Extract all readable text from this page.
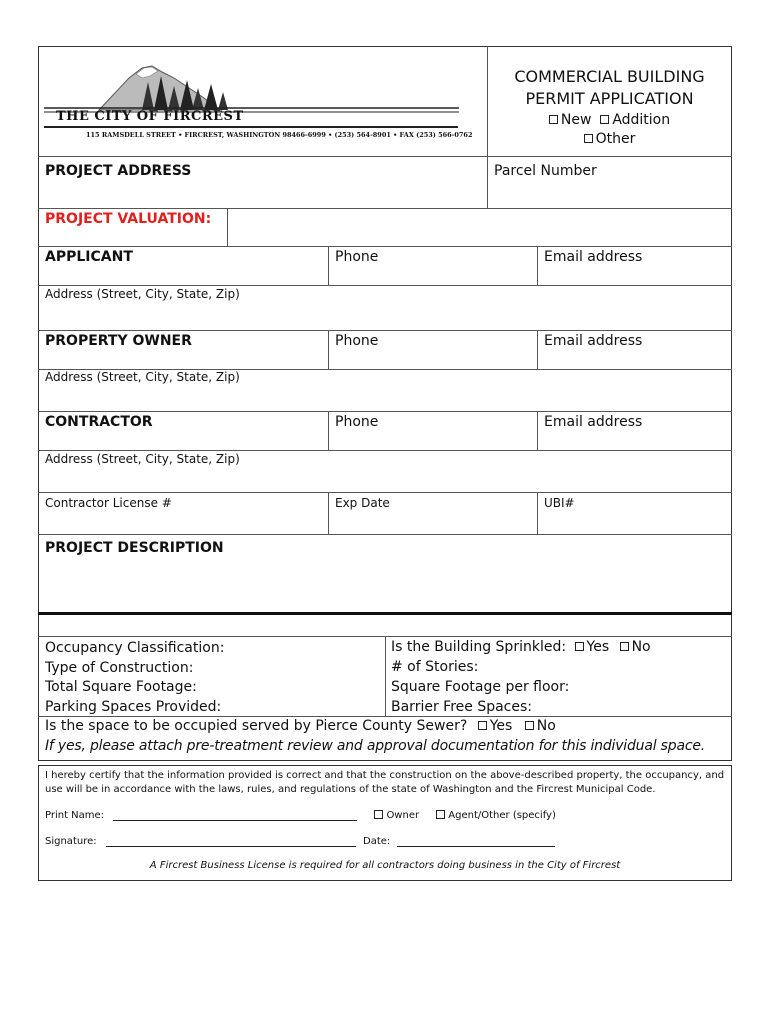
THE CITY OF FIRCREST
115 RAMSDELL STREET • FIRCREST, WASHINGTON 98466-6999 • (253) 564-8901 • FAX (253) 566-0762
COMMERCIAL BUILDING
PERMIT APPLICATION
New Addition
Other
PROJECT ADDRESS	Parcel Number
PROJECT VALUATION:
APPLICANT	Phone	Email address
Address (Street, City, State, Zip)
PROPERTY OWNER	Phone	Email address
Address (Street, City, State, Zip)
CONTRACTOR	Phone	Email address
Address (Street, City, State, Zip)
Contractor License #	Exp Date	UBI#
PROJECT DESCRIPTION
Occupancy Classification:
Type of Construction:
Total Square Footage:
Parking Spaces Provided:
Is the Building Sprinkled: Yes No
# of Stories:
Square Footage per floor:
Barrier Free Spaces:
Is the space to be occupied served by Pierce County Sewer? Yes No
If yes, please attach pre-treatment review and approval documentation for this individual space.
I hereby certify that the information provided is correct and that the construction on the above-described property, the occupancy, and use will be in accordance with the laws, rules, and regulations of the state of Washington and the Fircrest Municipal Code.
Print Name:	Owner	Agent/Other (specify)
Signature:	Date:
A Fircrest Business License is required for all contractors doing business in the City of Fircrest
